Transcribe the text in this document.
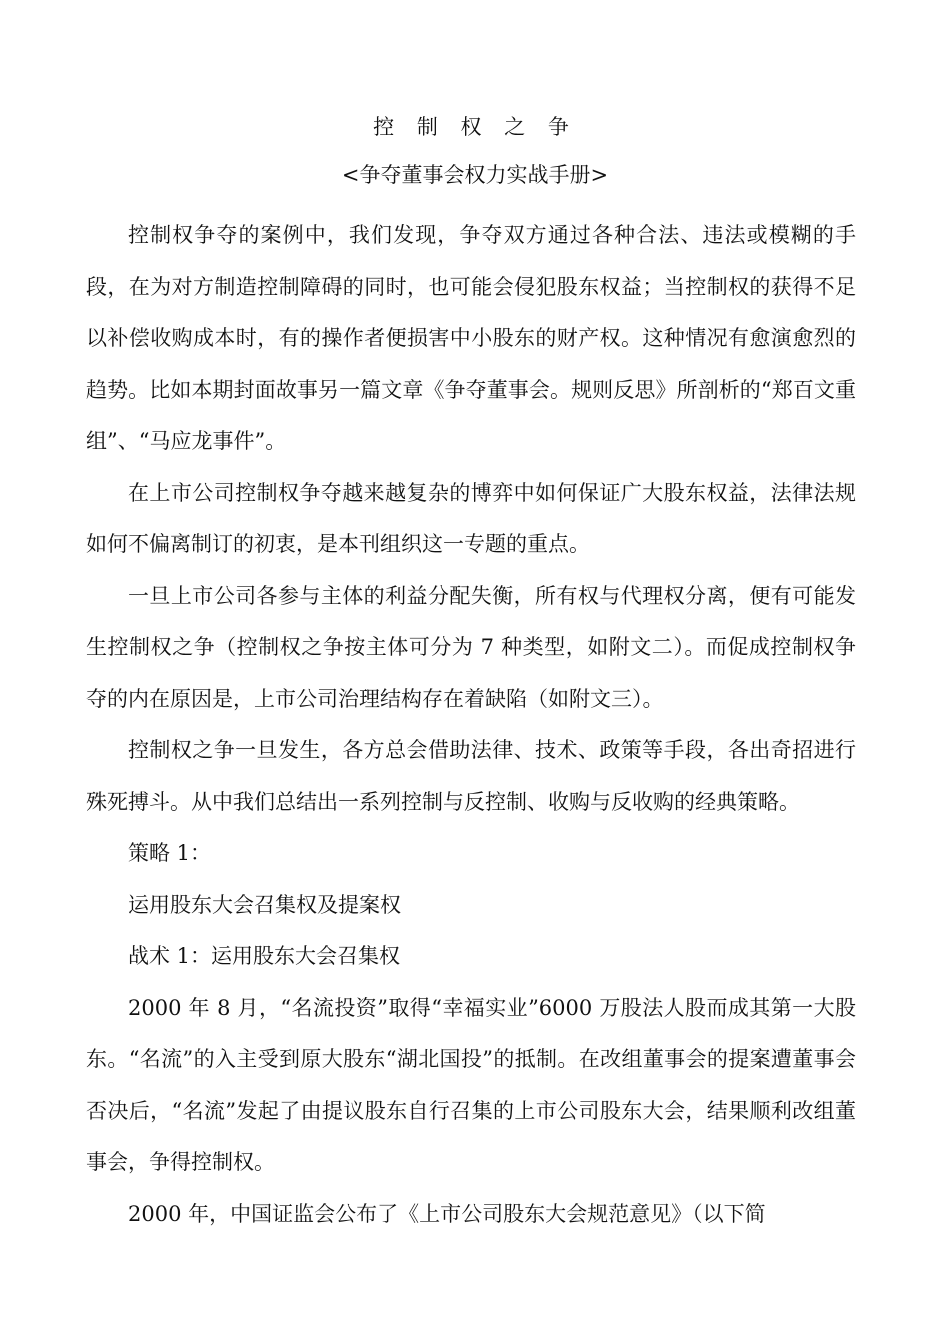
控 制 权 之 争
<争夺董事会权力实战手册>

控制权争夺的案例中，我们发现，争夺双方通过各种合法、违法或模糊的手段，在为对方制造控制障碍的同时，也可能会侵犯股东权益；当控制权的获得不足以补偿收购成本时，有的操作者便损害中小股东的财产权。这种情况有愈演愈烈的趋势。比如本期封面故事另一篇文章《争夺董事会。规则反思》所剖析的“郑百文重组”、“马应龙事件”。

在上市公司控制权争夺越来越复杂的博弈中如何保证广大股东权益，法律法规如何不偏离制订的初衷，是本刊组织这一专题的重点。

一旦上市公司各参与主体的利益分配失衡，所有权与代理权分离，便有可能发生控制权之争（控制权之争按主体可分为 7 种类型，如附文二）。而促成控制权争夺的内在原因是，上市公司治理结构存在着缺陷（如附文三）。

控制权之争一旦发生，各方总会借助法律、技术、政策等手段，各出奇招进行殊死搏斗。从中我们总结出一系列控制与反控制、收购与反收购的经典策略。

策略 1：

运用股东大会召集权及提案权

战术 1：运用股东大会召集权

2000 年 8 月，“名流投资”取得“幸福实业”6000 万股法人股而成其第一大股东。“名流”的入主受到原大股东“湖北国投”的抵制。在改组董事会的提案遭董事会否决后，“名流”发起了由提议股东自行召集的上市公司股东大会，结果顺利改组董事会，争得控制权。

2000 年，中国证监会公布了《上市公司股东大会规范意见》（以下简
